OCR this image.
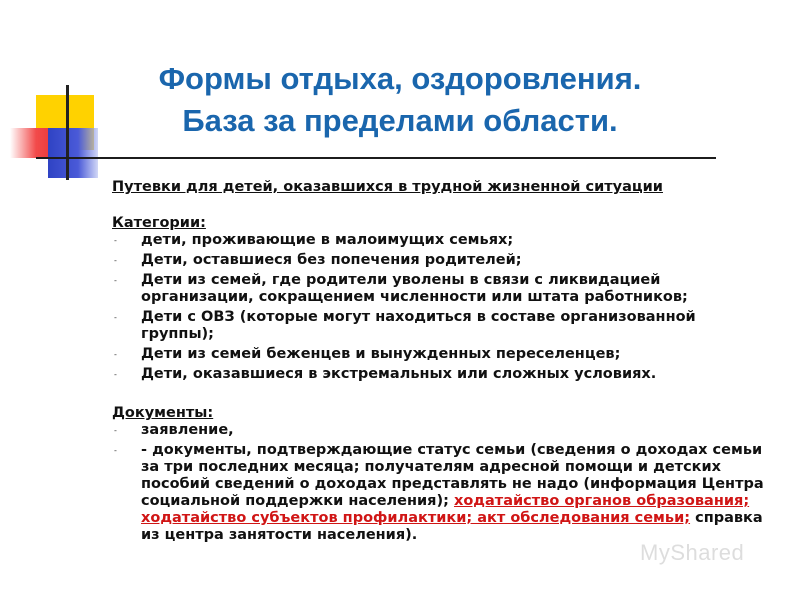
Формы отдыха, оздоровления.
База за пределами области.
Путевки для детей, оказавшихся в трудной жизненной ситуации
Категории:
- дети, проживающие в малоимущих семьях;
- Дети, оставшиеся без попечения родителей;
- Дети из семей, где родители уволены в связи с ликвидацией организации, сокращением численности или штата работников;
- Дети с ОВЗ (которые могут находиться в составе организованной группы);
- Дети из семей беженцев и вынужденных переселенцев;
- Дети, оказавшиеся в экстремальных или сложных условиях.
Документы:
- заявление,
- - документы, подтверждающие статус семьи (сведения о доходах семьи за три последних месяца; получателям адресной помощи и детских пособий сведений о доходах представлять не надо (информация Центра социальной поддержки населения); ходатайство органов образования; ходатайство субъектов профилактики; акт обследования семьи; справка из центра занятости населения).
MyShared
